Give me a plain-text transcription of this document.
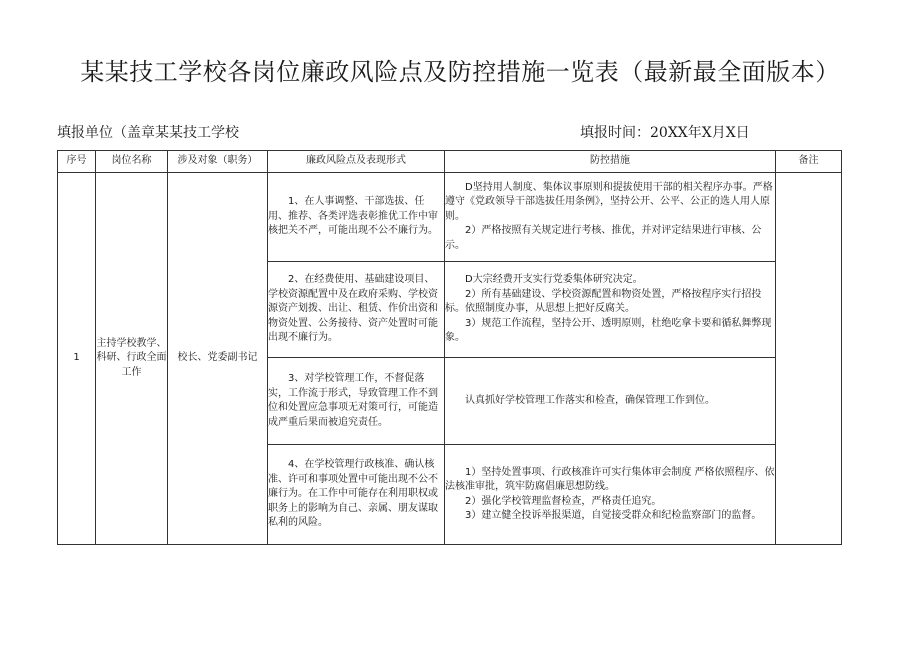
某某技工学校各岗位廉政风险点及防控措施一览表（最新最全面版本）
填报单位（盖章某某技工学校	填报时间：20XX年X月X日
序号	岗位名称	涉及对象（职务）	廉政风险点及表现形式	防控措施	备注
1	主持学校教学、科研、行政全面工作	校长、党委副书记	1、在人事调整、干部选拔、任用、推荐、各类评选表彰推优工作中审核把关不严，可能出现不公不廉行为。	D坚持用人制度、集体议事原则和提拔使用干部的相关程序办事。严格遵守《党政领导干部选拔任用条例》，坚持公开、公平、公正的选人用人原则。
2）严格按照有关规定进行考核、推优，并对评定结果进行审核、公示。	

			2、在经费使用、基础建设项目、学校资源配置中及在政府采购、学校资源资产划拨、出让、租赁、作价出资和物资处置、公务接待、资产处置时可能出现不廉行为。	D大宗经费开支实行党委集体研究决定。
2）所有基础建设、学校资源配置和物资处置，严格按程序实行招投标。依照制度办事，从思想上把好反腐关。
3）规范工作流程，坚持公开、透明原则，杜绝吃拿卡要和循私舞弊现象。	

			3、对学校管理工作，不督促落实，工作流于形式，导致管理工作不到位和处置应急事项无对策可行，可能造成严重后果而被追究责任。	认真抓好学校管理工作落实和检查，确保管理工作到位。	

			4、在学校管理行政核准、确认核准、许可和事项处置中可能出现不公不廉行为。在工作中可能存在利用职权或职务上的影响为自己、亲属、朋友谋取私利的风险。	1）坚持处置事项、行政核准许可实行集体审会制度 严格依照程序、依法核准审批，筑牢防腐倡廉思想防线。
2）强化学校管理监督检查，严格责任追究。
3）建立健全投诉举报渠道，自觉接受群众和纪检监察部门的监督。	
